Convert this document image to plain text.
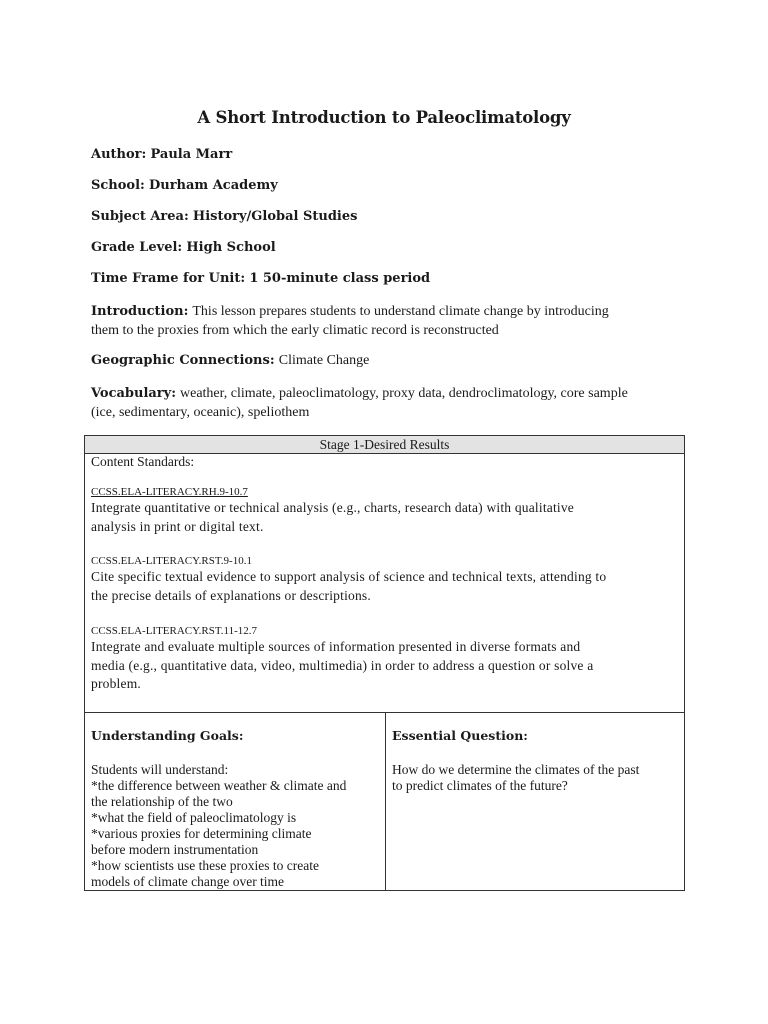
A Short Introduction to Paleoclimatology
Author: Paula Marr
School: Durham Academy
Subject Area: History/Global Studies
Grade Level: High School
Time Frame for Unit: 1 50-minute class period
Introduction: This lesson prepares students to understand climate change by introducing
them to the proxies from which the early climatic record is reconstructed
Geographic Connections: Climate Change
Vocabulary: weather, climate, paleoclimatology, proxy data, dendroclimatology, core sample
(ice, sedimentary, oceanic), speliothem
Stage 1-Desired Results
Content Standards:
CCSS.ELA-LITERACY.RH.9-10.7
Integrate quantitative or technical analysis (e.g., charts, research data) with qualitative
analysis in print or digital text.
CCSS.ELA-LITERACY.RST.9-10.1
Cite specific textual evidence to support analysis of science and technical texts, attending to
the precise details of explanations or descriptions.
CCSS.ELA-LITERACY.RST.11-12.7
Integrate and evaluate multiple sources of information presented in diverse formats and
media (e.g., quantitative data, video, multimedia) in order to address a question or solve a
problem.
Understanding Goals:
Students will understand:
*the difference between weather & climate and
the relationship of the two
*what the field of paleoclimatology is
*various proxies for determining climate
before modern instrumentation
*how scientists use these proxies to create
models of climate change over time
Essential Question:
How do we determine the climates of the past
to predict climates of the future?
